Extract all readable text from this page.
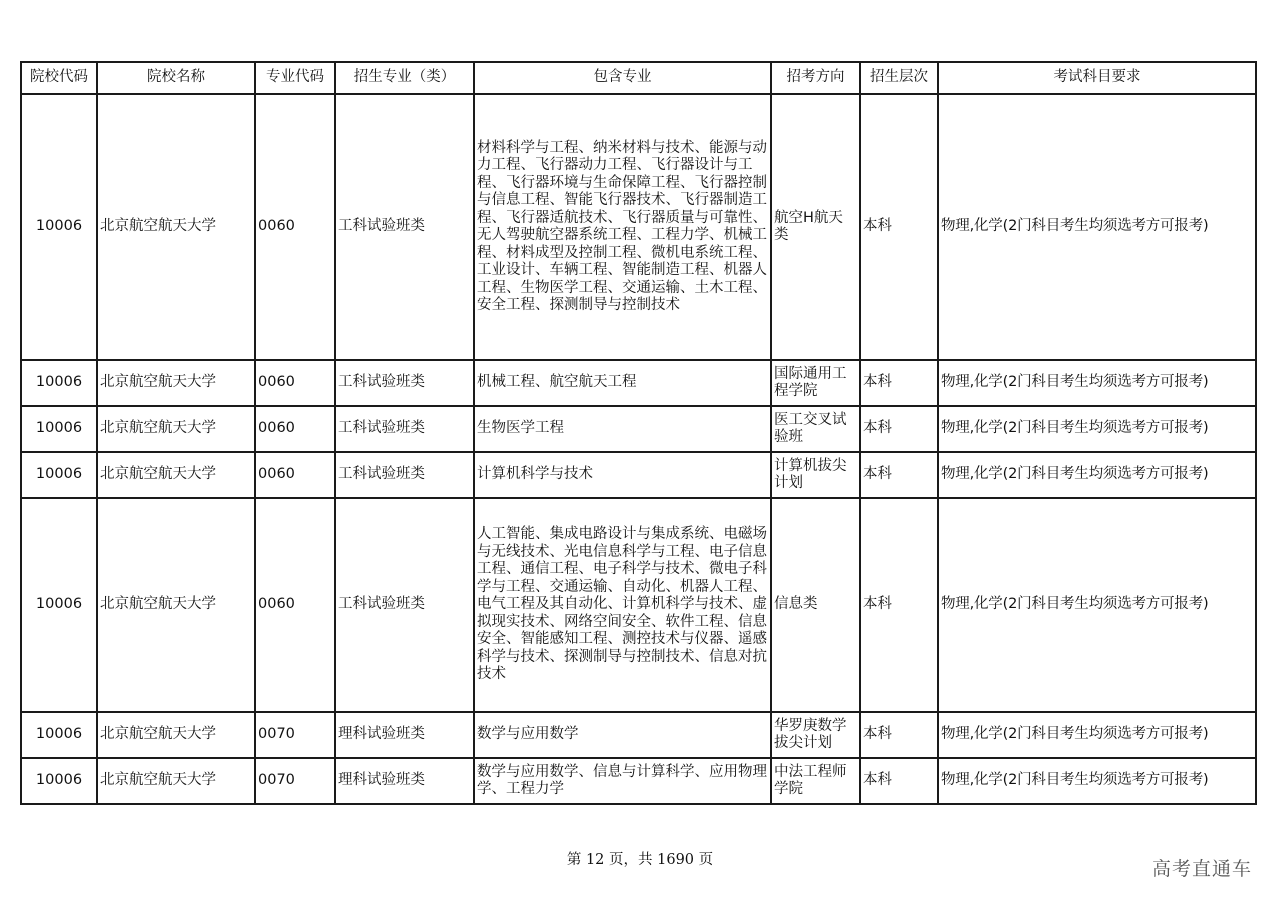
院校代码	院校名称	专业代码	招生专业（类）	包含专业	招考方向	招生层次	考试科目要求
10006	北京航空航天大学	0060	工科试验班类	材料科学与工程、纳米材料与技术、能源与动力工程、飞行器动力工程、飞行器设计与工程、飞行器环境与生命保障工程、飞行器控制与信息工程、智能飞行器技术、飞行器制造工程、飞行器适航技术、飞行器质量与可靠性、无人驾驶航空器系统工程、工程力学、机械工程、材料成型及控制工程、微机电系统工程、工业设计、车辆工程、智能制造工程、机器人工程、生物医学工程、交通运输、土木工程、安全工程、探测制导与控制技术	航空H航天类	本科	物理,化学(2门科目考生均须选考方可报考)
10006	北京航空航天大学	0060	工科试验班类	机械工程、航空航天工程	国际通用工程学院	本科	物理,化学(2门科目考生均须选考方可报考)
10006	北京航空航天大学	0060	工科试验班类	生物医学工程	医工交叉试验班	本科	物理,化学(2门科目考生均须选考方可报考)
10006	北京航空航天大学	0060	工科试验班类	计算机科学与技术	计算机拔尖计划	本科	物理,化学(2门科目考生均须选考方可报考)
10006	北京航空航天大学	0060	工科试验班类	人工智能、集成电路设计与集成系统、电磁场与无线技术、光电信息科学与工程、电子信息工程、通信工程、电子科学与技术、微电子科学与工程、交通运输、自动化、机器人工程、电气工程及其自动化、计算机科学与技术、虚拟现实技术、网络空间安全、软件工程、信息安全、智能感知工程、测控技术与仪器、遥感科学与技术、探测制导与控制技术、信息对抗技术	信息类	本科	物理,化学(2门科目考生均须选考方可报考)
10006	北京航空航天大学	0070	理科试验班类	数学与应用数学	华罗庚数学拔尖计划	本科	物理,化学(2门科目考生均须选考方可报考)
10006	北京航空航天大学	0070	理科试验班类	数学与应用数学、信息与计算科学、应用物理学、工程力学	中法工程师学院	本科	物理,化学(2门科目考生均须选考方可报考)
第 12 页，共 1690 页	高考直通车
